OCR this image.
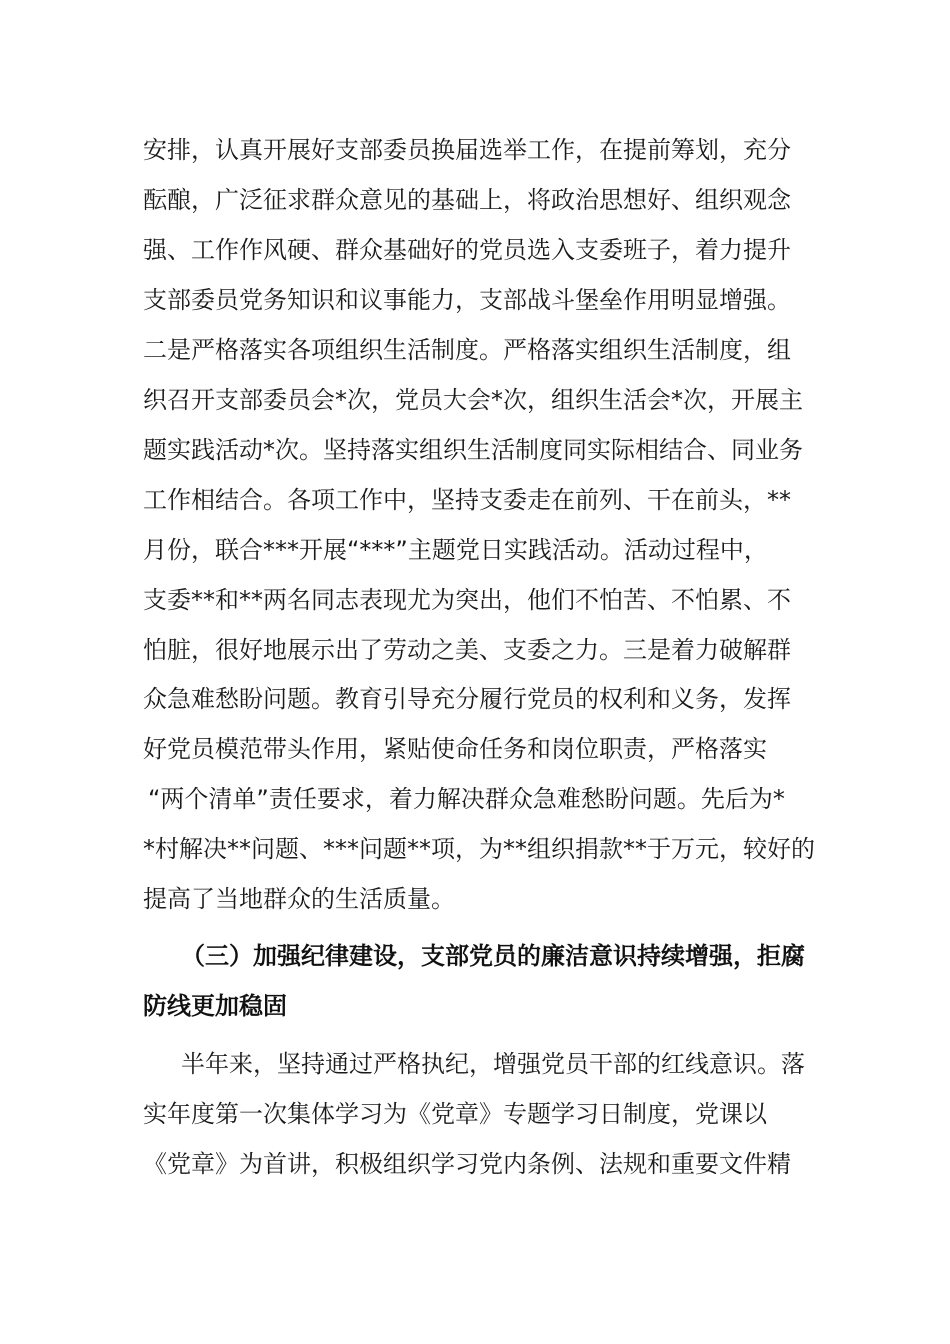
安排，认真开展好支部委员换届选举工作，在提前筹划，充分
酝酿，广泛征求群众意见的基础上，将政治思想好、组织观念
强、工作作风硬、群众基础好的党员选入支委班子，着力提升
支部委员党务知识和议事能力，支部战斗堡垒作用明显增强。
二是严格落实各项组织生活制度。严格落实组织生活制度，组
织召开支部委员会*次，党员大会*次，组织生活会*次，开展主
题实践活动*次。坚持落实组织生活制度同实际相结合、同业务
工作相结合。各项工作中，坚持支委走在前列、干在前头，**
月份，联合***开展“***”主题党日实践活动。活动过程中，
支委**和**两名同志表现尤为突出，他们不怕苦、不怕累、不
怕脏，很好地展示出了劳动之美、支委之力。三是着力破解群
众急难愁盼问题。教育引导充分履行党员的权利和义务，发挥
好党员模范带头作用，紧贴使命任务和岗位职责，严格落实
“两个清单”责任要求，着力解决群众急难愁盼问题。先后为*
*村解决**问题、***问题**项，为**组织捐款**于万元，较好的
提高了当地群众的生活质量。
（三）加强纪律建设，支部党员的廉洁意识持续增强，拒腐
防线更加稳固
半年来，坚持通过严格执纪，增强党员干部的红线意识。落
实年度第一次集体学习为《党章》专题学习日制度，党课以
《党章》为首讲，积极组织学习党内条例、法规和重要文件精
